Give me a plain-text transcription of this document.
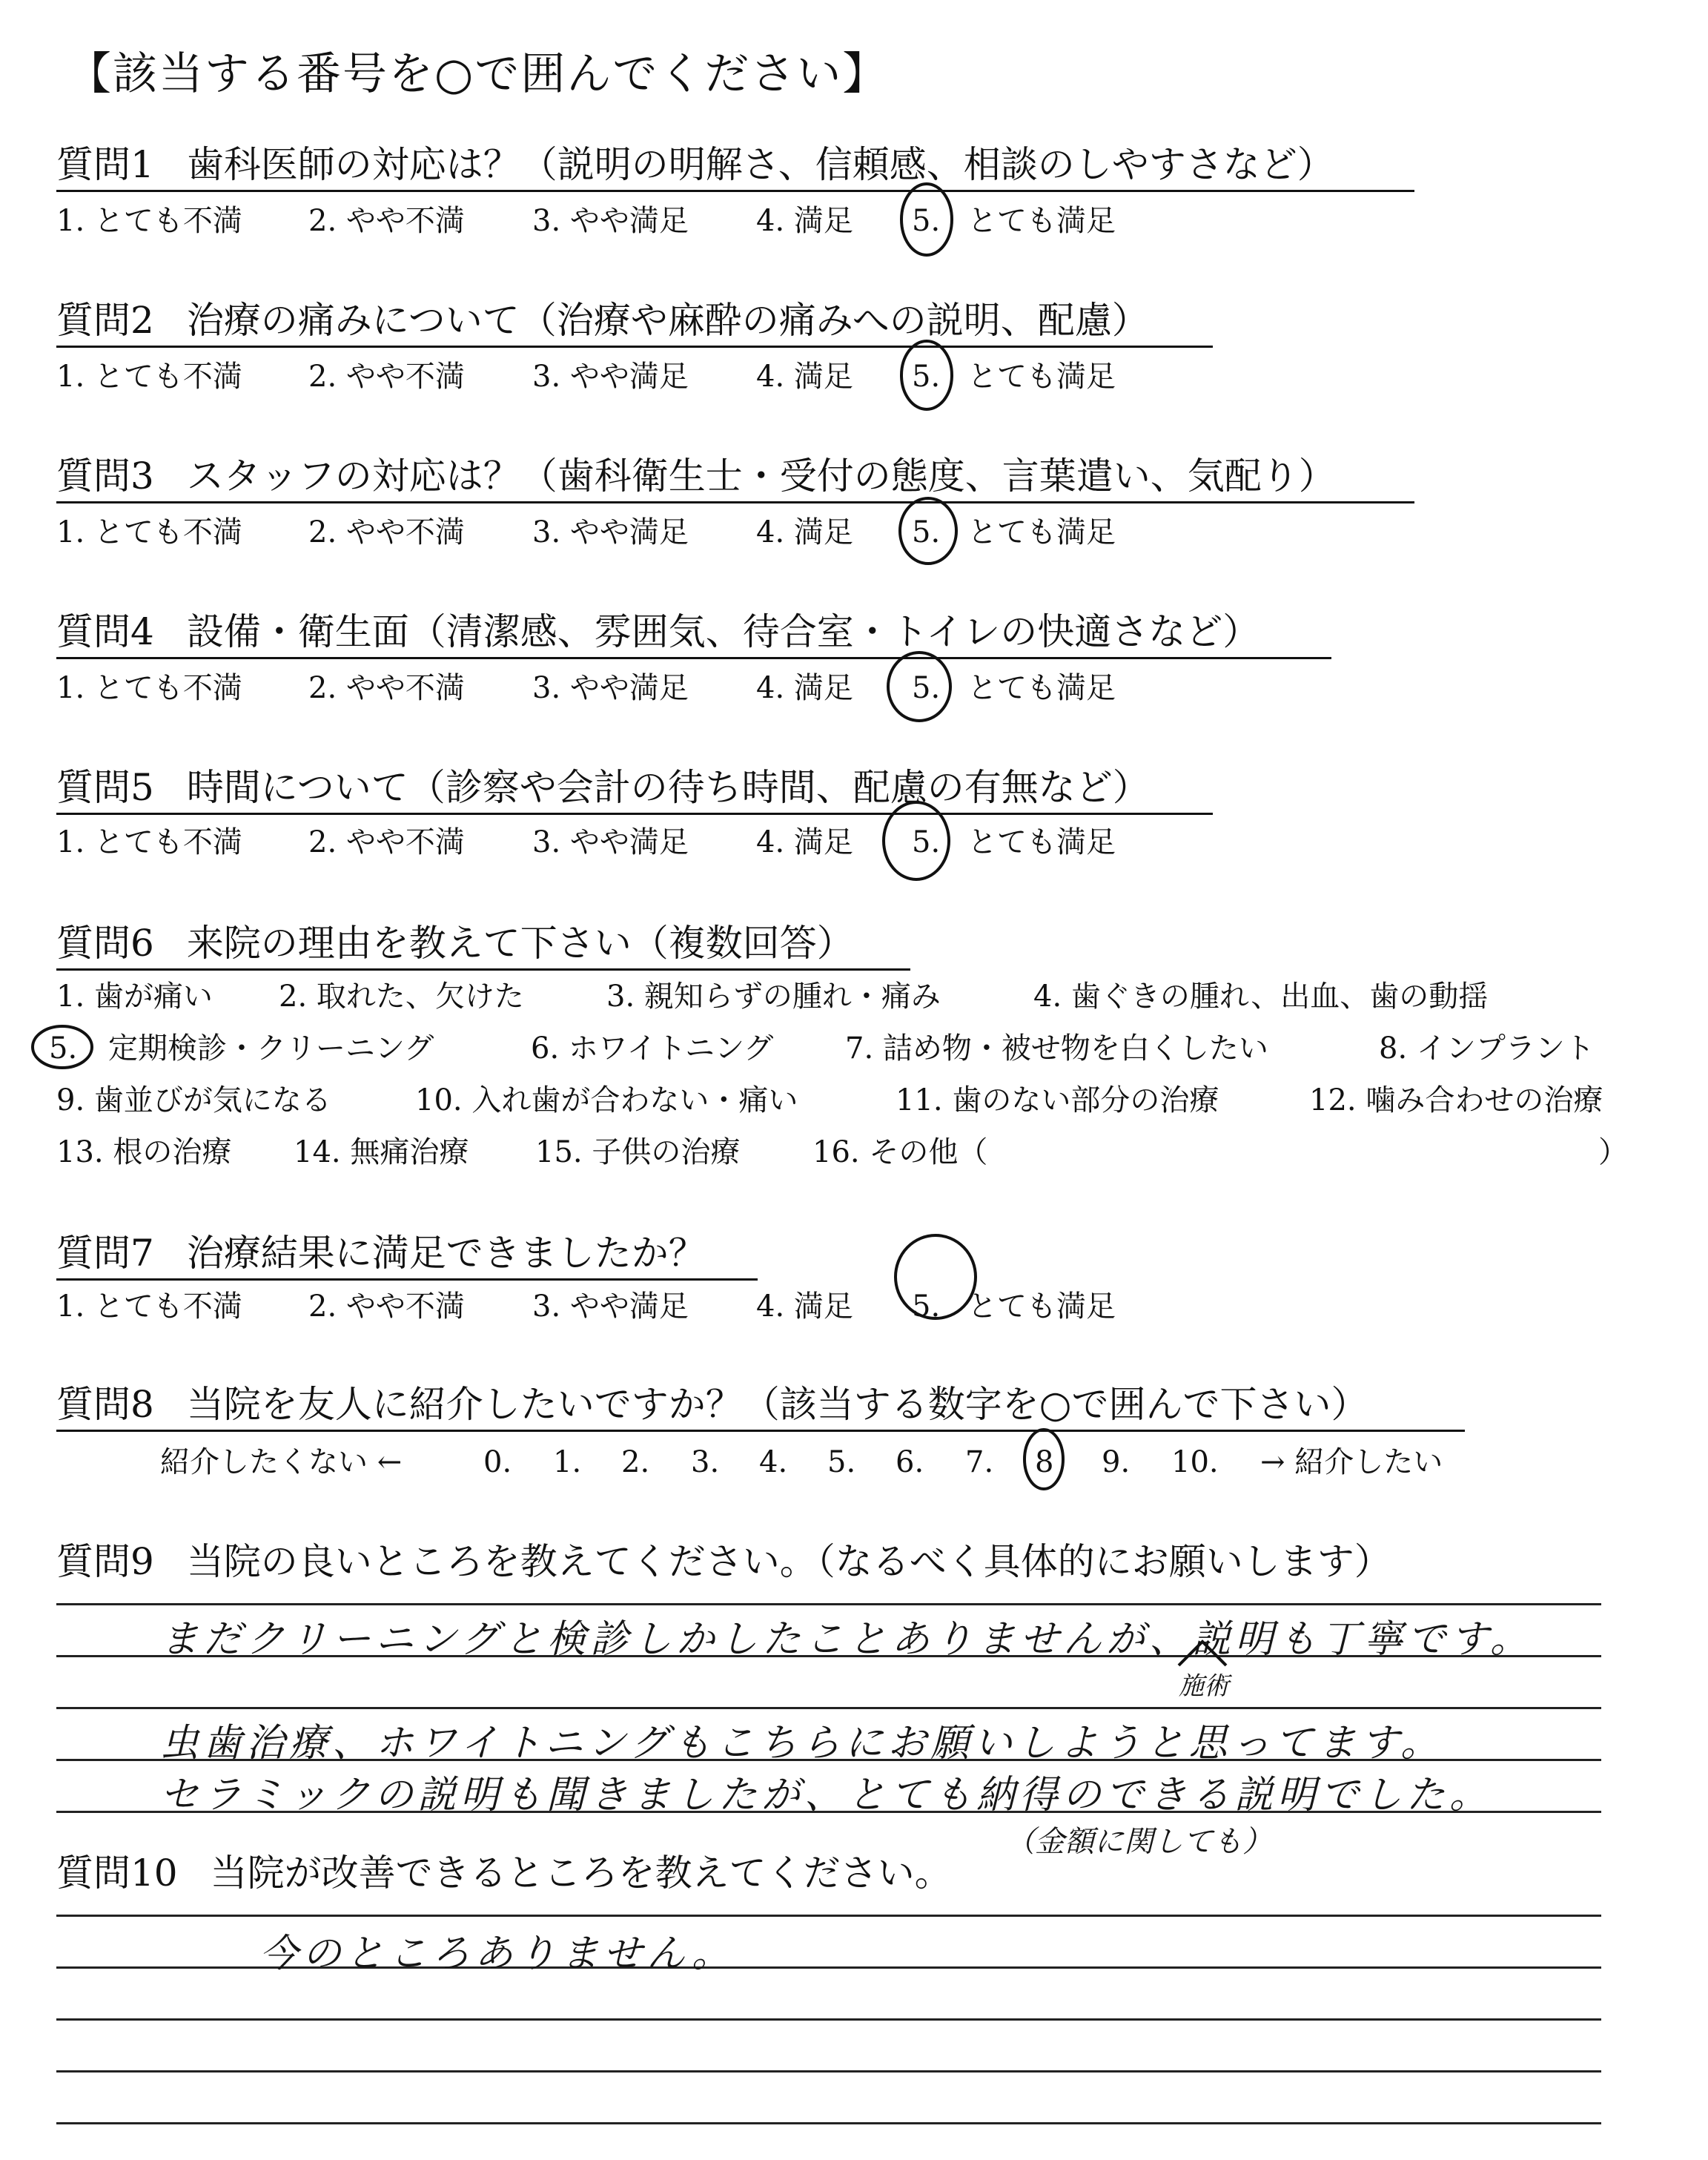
【該当する番号を○で囲んでください】
質問1 歯科医師の対応は？（説明の明解さ、信頼感、相談のしやすさなど）
1. とても不満 2. やや不満 3. やや満足 4. 満足 5. とても満足
質問2 治療の痛みについて（治療や麻酔の痛みへの説明、配慮）
1. とても不満 2. やや不満 3. やや満足 4. 満足 5. とても満足
質問3 スタッフの対応は？（歯科衛生士・受付の態度、言葉遣い、気配り）
1. とても不満 2. やや不満 3. やや満足 4. 満足 5. とても満足
質問4 設備・衛生面（清潔感、雰囲気、待合室・トイレの快適さなど）
1. とても不満 2. やや不満 3. やや満足 4. 満足 5. とても満足
質問5 時間について（診察や会計の待ち時間、配慮の有無など）
1. とても不満 2. やや不満 3. やや満足 4. 満足 5. とても満足
質問6 来院の理由を教えて下さい（複数回答）
1. 歯が痛い 2. 取れた、欠けた	3. 親知らずの腫れ・痛み	4. 歯ぐきの腫れ、出血、歯の動揺
5. 定期検診・クリーニング	6. ホワイトニング 7. 詰め物・被せ物を白くしたい	8. インプラント
9. 歯並びが気になる	10. 入れ歯が合わない・痛い	11. 歯のない部分の治療	12. 噛み合わせの治療
13. 根の治療 14. 無痛治療 15. 子供の治療 16. その他（	）
質問7 治療結果に満足できましたか？
1. とても不満 2. やや不満 3. やや満足 4. 満足 5. とても満足
質問8 当院を友人に紹介したいですか？（該当する数字を○で囲んで下さい）
紹介したくない ←	0. 1. 2. 3. 4. 5. 6. 7. 8 9. 10. → 紹介したい
質問9 当院の良いところを教えてください。（なるべく具体的にお願いします）
まだクリーニングと検診しかしたことありませんが、説明も丁寧です。
施術
虫歯治療、ホワイトニングもこちらにお願いしようと思ってます。
セラミックの説明も聞きましたが、とても納得のできる説明でした。
質問10 当院が改善できるところを教えてください。
（金額に関しても）
今のところありません。
